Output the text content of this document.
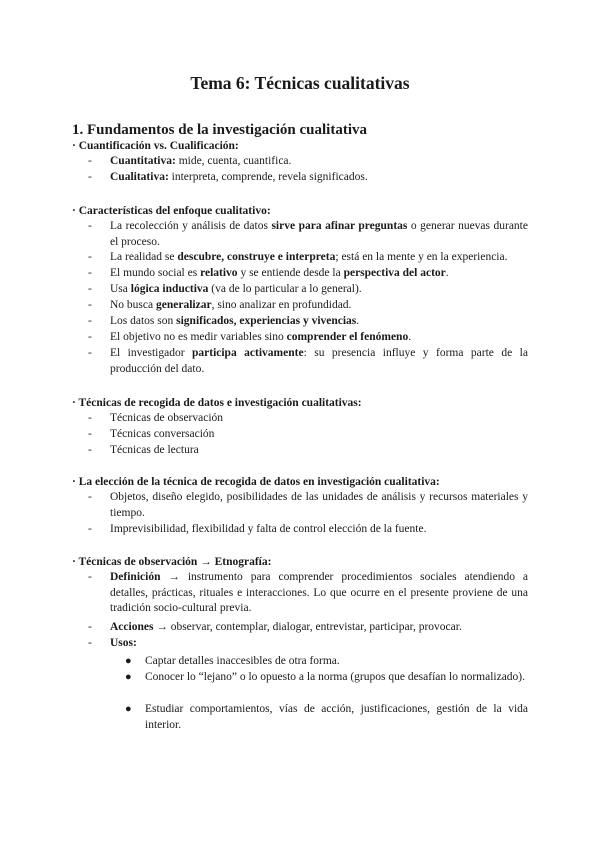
Tema 6: Técnicas cualitativas
1. Fundamentos de la investigación cualitativa
· Cuantificación vs. Cualificación:
-	Cuantitativa: mide, cuenta, cuantifica.
-	Cualitativa: interpreta, comprende, revela significados.
· Características del enfoque cualitativo:
-	La recolección y análisis de datos sirve para afinar preguntas o generar nuevas durante el proceso.
-	La realidad se descubre, construye e interpreta; está en la mente y en la experiencia.
-	El mundo social es relativo y se entiende desde la perspectiva del actor.
-	Usa lógica inductiva (va de lo particular a lo general).
-	No busca generalizar, sino analizar en profundidad.
-	Los datos son significados, experiencias y vivencias.
-	El objetivo no es medir variables sino comprender el fenómeno.
-	El investigador participa activamente: su presencia influye y forma parte de la producción del dato.
· Técnicas de recogida de datos e investigación cualitativas:
-	Técnicas de observación
-	Técnicas conversación
-	Técnicas de lectura
· La elección de la técnica de recogida de datos en investigación cualitativa:
-	Objetos, diseño elegido, posibilidades de las unidades de análisis y recursos materiales y tiempo.
-	Imprevisibilidad, flexibilidad y falta de control elección de la fuente.
· Técnicas de observación → Etnografía:
-	Definición → instrumento para comprender procedimientos sociales atendiendo a detalles, prácticas, rituales e interacciones. Lo que ocurre en el presente proviene de una tradición socio-cultural previa.
-	Acciones → observar, contemplar, dialogar, entrevistar, participar, provocar.
-	Usos:
● Captar detalles inaccesibles de otra forma.
● Conocer lo “lejano” o lo opuesto a la norma (grupos que desafían lo normalizado).
● Estudiar comportamientos, vías de acción, justificaciones, gestión de la vida interior.
